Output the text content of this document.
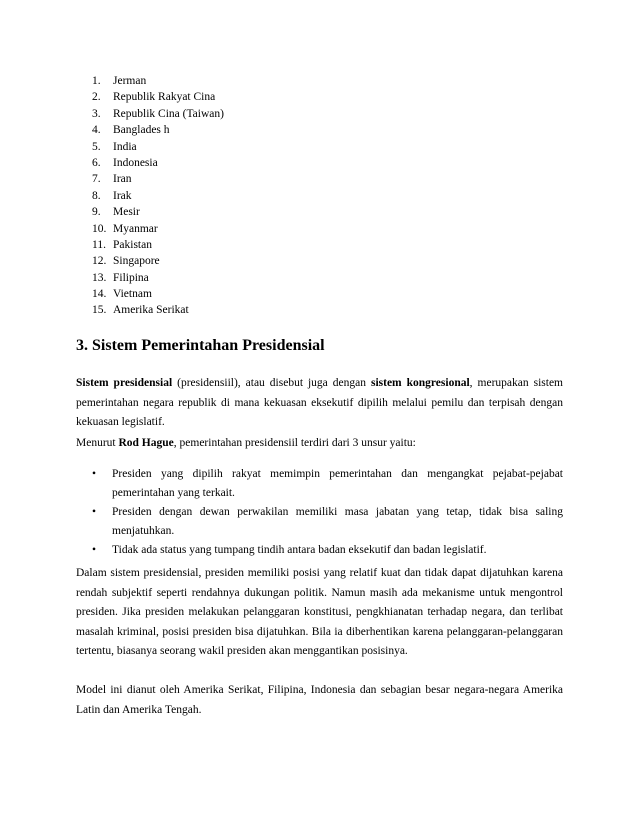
1. Jerman
2. Republik Rakyat Cina
3. Republik Cina (Taiwan)
4. Banglades h
5. India
6. Indonesia
7. Iran
8. Irak
9. Mesir
10. Myanmar
11. Pakistan
12. Singapore
13. Filipina
14. Vietnam
15. Amerika Serikat
3. Sistem Pemerintahan Presidensial

Sistem presidensial (presidensiil), atau disebut juga dengan sistem kongresional, merupakan sistem pemerintahan negara republik di mana kekuasan eksekutif dipilih melalui pemilu dan terpisah dengan kekuasan legislatif.

Menurut Rod Hague, pemerintahan presidensiil terdiri dari 3 unsur yaitu:

• Presiden yang dipilih rakyat memimpin pemerintahan dan mengangkat pejabat-pejabat pemerintahan yang terkait.
• Presiden dengan dewan perwakilan memiliki masa jabatan yang tetap, tidak bisa saling menjatuhkan.
• Tidak ada status yang tumpang tindih antara badan eksekutif dan badan legislatif.

Dalam sistem presidensial, presiden memiliki posisi yang relatif kuat dan tidak dapat dijatuhkan karena rendah subjektif seperti rendahnya dukungan politik. Namun masih ada mekanisme untuk mengontrol presiden. Jika presiden melakukan pelanggaran konstitusi, pengkhianatan terhadap negara, dan terlibat masalah kriminal, posisi presiden bisa dijatuhkan. Bila ia diberhentikan karena pelanggaran-pelanggaran tertentu, biasanya seorang wakil presiden akan menggantikan posisinya.

Model ini dianut oleh Amerika Serikat, Filipina, Indonesia dan sebagian besar negara-negara Amerika Latin dan Amerika Tengah.
